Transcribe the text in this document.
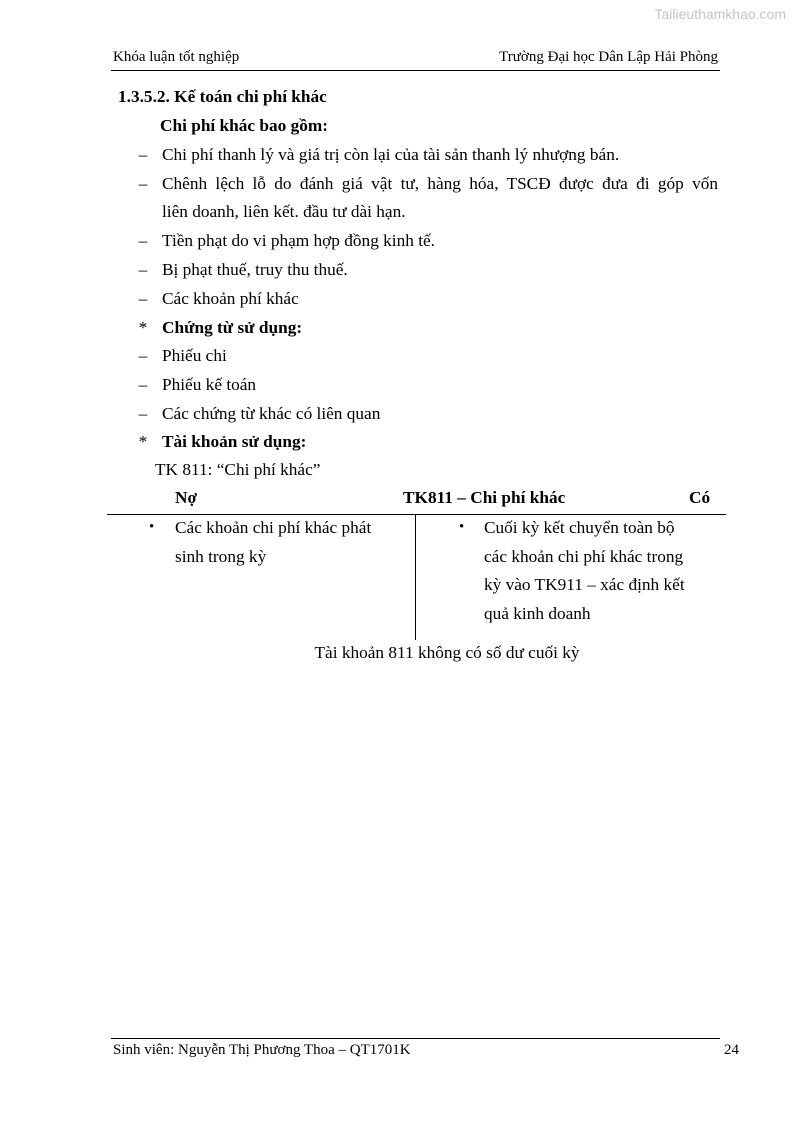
Tailieuthamkhao.com
Khóa luận tốt nghiệp	Trường Đại học Dân Lập Hải Phòng
1.3.5.2. Kế toán chi phí khác
Chi phí khác bao gồm:
– Chi phí thanh lý và giá trị còn lại của tài sản thanh lý nhượng bán.
– Chênh lệch lỗ do đánh giá vật tư, hàng hóa, TSCĐ được đưa đi góp vốn
liên doanh, liên kết. đầu tư dài hạn.
– Tiền phạt do vi phạm hợp đồng kinh tế.
– Bị phạt thuế, truy thu thuế.
– Các khoản phí khác
* Chứng từ sử dụng:
– Phiếu chi
– Phiếu kế toán
– Các chứng từ khác có liên quan
* Tài khoản sử dụng:
TK 811: “Chi phí khác”
Nợ	TK811 – Chi phí khác	Có
• Các khoản chi phí khác phát
sinh trong kỳ
• Cuối kỳ kết chuyển toàn bộ
các khoản chi phí khác trong
kỳ vào TK911 – xác định kết
quả kinh doanh
Tài khoản 811 không có số dư cuối kỳ
Sinh viên: Nguyễn Thị Phương Thoa – QT1701K	24
